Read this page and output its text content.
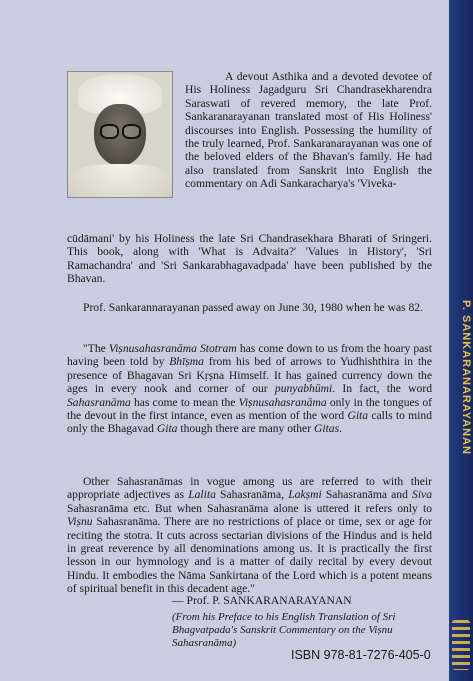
A devout Asthika and a devoted devotee of His Holiness Jagadguru Sri Chandrasekharendra Saraswati of revered memory, the late Prof. Sankaranarayanan translated most of His Holiness' discourses into English. Possessing the humility of the truly learned, Prof. Sankaranarayanan was one of the beloved elders of the Bhavan's family. He had also translated from Sanskrit into English the commentary on Adi Sankaracharya's 'Viveka-

cūdāmani' by his Holiness the late Sri Chandrasekhara Bharati of Sringeri. This book, along with 'What is Advaita?' 'Values in History', 'Sri Ramachandra' and 'Sri Sankarabhagavadpada' have been published by the Bhavan.

Prof. Sankarannarayanan passed away on June 30, 1980 when he was 82.

"The Viṣnusahasranāma Stotram has come down to us from the hoary past having been told by Bhīṣma from his bed of arrows to Yudhishthira in the presence of Bhagavan Sri Kṛṣna Himself. It has gained currency down the ages in every nook and corner of our punyabhūmi. In fact, the word Sahasranāma has come to mean the Viṣnusahasranāma only in the tongues of the devout in the first intance, even as mention of the word Gita calls to mind only the Bhagavad Gita though there are many other Gitas.

Other Sahasranāmas in vogue among us are referred to with their appropriate adjectives as Lalita Sahasranāma, Lakṣmi Sahasranāma and Siva Sahasranāma etc. But when Sahasranāma alone is uttered it refers only to Viṣnu Sahasranāma. There are no restrictions of place or time, sex or age for reciting the stotra. It cuts across sectarian divisions of the Hindus and is held in great reverence by all denominations among us. It is practically the first lesson in our hymnology and is a matter of daily recital by every devout Hindu. It embodies the Nāma Sankirtana of the Lord which is a potent means of spiritual benefit in this decadent age."

— Prof. P. SANKARANARAYANAN
(From his Preface to his English Translation of Sri Bhagvatpada's Sanskrit Commentary on the Viṣnu Sahasranāma)
ISBN 978-81-7276-405-0
P. SANKARANARAYANAN
